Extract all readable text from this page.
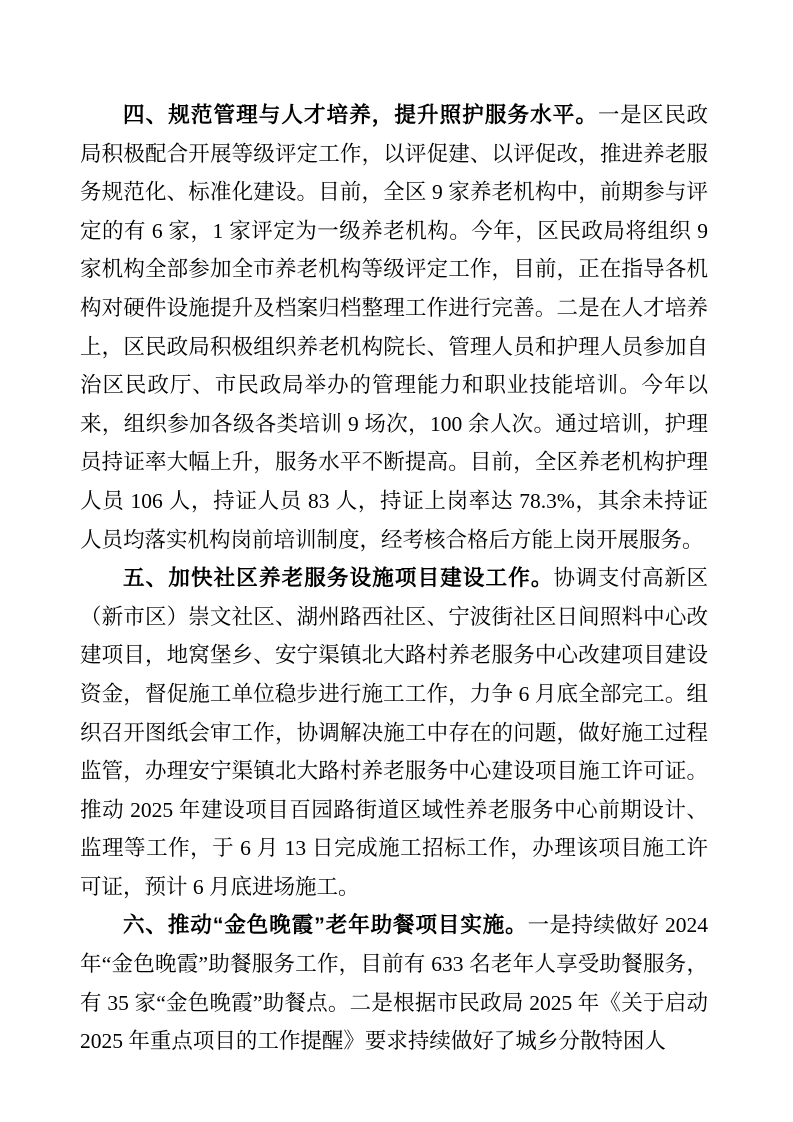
四、规范管理与人才培养，提升照护服务水平。一是区民政局积极配合开展等级评定工作，以评促建、以评促改，推进养老服务规范化、标准化建设。目前，全区 9 家养老机构中，前期参与评定的有 6 家，1 家评定为一级养老机构。今年，区民政局将组织 9 家机构全部参加全市养老机构等级评定工作，目前，正在指导各机构对硬件设施提升及档案归档整理工作进行完善。二是在人才培养上，区民政局积极组织养老机构院长、管理人员和护理人员参加自治区民政厅、市民政局举办的管理能力和职业技能培训。今年以来，组织参加各级各类培训 9 场次，100 余人次。通过培训，护理员持证率大幅上升，服务水平不断提高。目前，全区养老机构护理人员 106 人，持证人员 83 人，持证上岗率达 78.3%，其余未持证人员均落实机构岗前培训制度，经考核合格后方能上岗开展服务。

五、加快社区养老服务设施项目建设工作。协调支付高新区（新市区）崇文社区、湖州路西社区、宁波街社区日间照料中心改建项目，地窝堡乡、安宁渠镇北大路村养老服务中心改建项目建设资金，督促施工单位稳步进行施工工作，力争 6 月底全部完工。组织召开图纸会审工作，协调解决施工中存在的问题，做好施工过程监管，办理安宁渠镇北大路村养老服务中心建设项目施工许可证。推动 2025 年建设项目百园路街道区域性养老服务中心前期设计、监理等工作，于 6 月 13 日完成施工招标工作，办理该项目施工许可证，预计 6 月底进场施工。

六、推动“金色晚霞”老年助餐项目实施。一是持续做好 2024 年“金色晚霞”助餐服务工作，目前有 633 名老年人享受助餐服务，有 35 家“金色晚霞”助餐点。二是根据市民政局 2025 年《关于启动 2025 年重点项目的工作提醒》要求持续做好了城乡分散特困人
